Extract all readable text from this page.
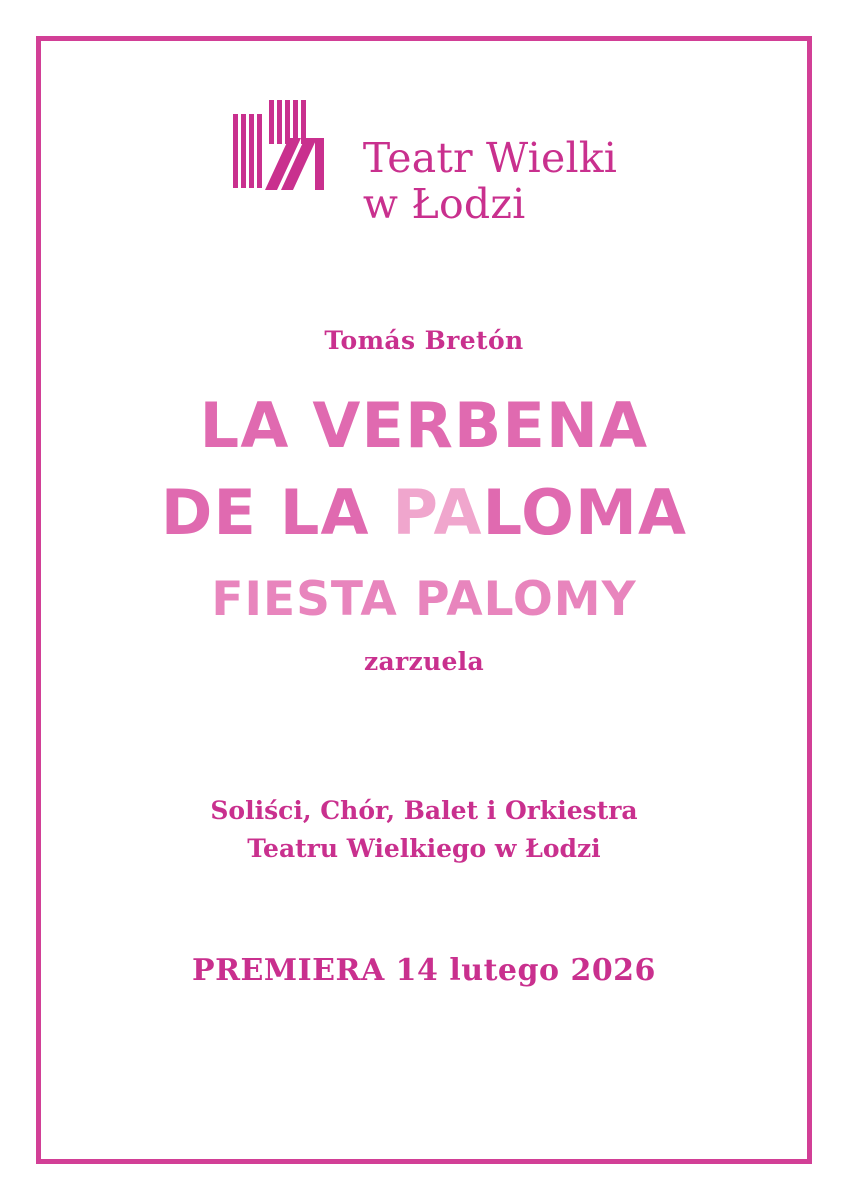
Teatr Wielki
w Łodzi
Tomás Bretón
LA VERBENA
DE LA PALOMA
FIESTA PALOMY
zarzuela
Soliści, Chór, Balet i Orkiestra
Teatru Wielkiego w Łodzi
PREMIERA 14 lutego 2026
